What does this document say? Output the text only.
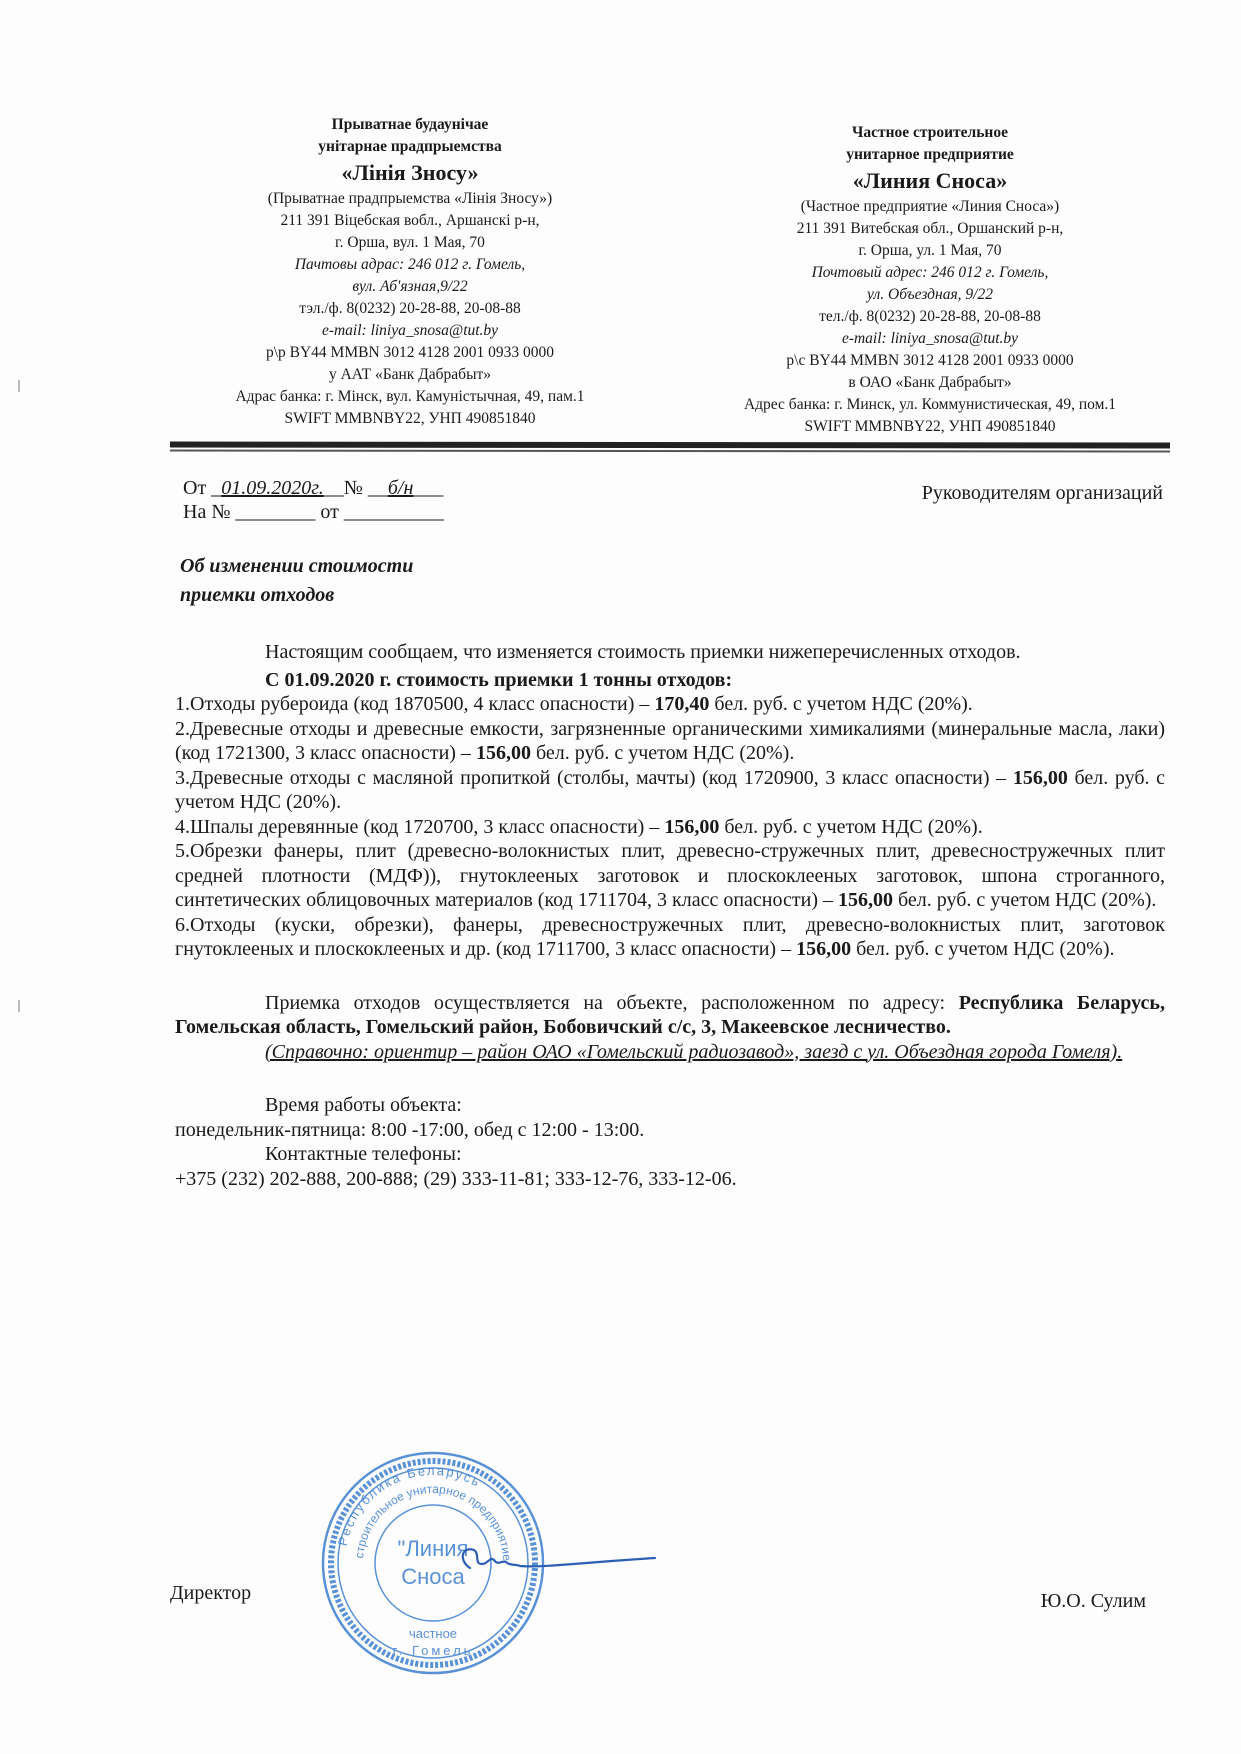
Прыватнае будаунічае
унітарнае прадпрыемства
«Лінія Зносу»
(Прыватнае прадпрыемства «Лінія Зносу»)
211 391 Віцебская вобл., Аршанскі р-н,
г. Орша, вул. 1 Мая, 70
Пачтовы адрас: 246 012 г. Гомель,
вул. Аб'язная,9/22
тэл./ф. 8(0232) 20-28-88, 20-08-88
e-mail: liniya_snosa@tut.by
р\р BY44 MMBN 3012 4128 2001 0933 0000
у ААТ «Банк Дабрабыт»
Адрас банка: г. Мінск, вул. Камуністычная, 49, пам.1
SWIFT MMBNBY22, УНП 490851840
Частное строительное
унитарное предприятие
«Линия Сноса»
(Частное предприятие «Линия Сноса»)
211 391 Витебская обл., Оршанский р-н,
г. Орша, ул. 1 Мая, 70
Почтовый адрес: 246 012 г. Гомель,
ул. Объездная, 9/22
тел./ф. 8(0232) 20-28-88, 20-08-88
e-mail: liniya_snosa@tut.by
р\с BY44 MMBN 3012 4128 2001 0933 0000
в ОАО «Банк Дабрабыт»
Адрес банка: г. Минск, ул. Коммунистическая, 49, пом.1
SWIFT MMBNBY22, УНП 490851840
От _01.09.2020г.__№ __б/н___
На № ________ от __________
Руководителям организаций
Об изменении стоимости
приемки отходов

Настоящим сообщаем, что изменяется стоимость приемки нижеперечисленных отходов.

С 01.09.2020 г. стоимость приемки 1 тонны отходов:

1.Отходы рубероида (код 1870500, 4 класс опасности) – 170,40 бел. руб. с учетом НДС (20%).

2.Древесные отходы и древесные емкости, загрязненные органическими химикалиями (минеральные масла, лаки) (код 1721300, 3 класс опасности) – 156,00 бел. руб. с учетом НДС (20%).

3.Древесные отходы с масляной пропиткой (столбы, мачты) (код 1720900, 3 класс опасности) – 156,00 бел. руб. с учетом НДС (20%).

4.Шпалы деревянные (код 1720700, 3 класс опасности) – 156,00 бел. руб. с учетом НДС (20%).

5.Обрезки фанеры, плит (древесно-волокнистых плит, древесно-стружечных плит, древесностружечных плит средней плотности (МДФ)), гнутоклееных заготовок и плоскоклееных заготовок, шпона строганного, синтетических облицовочных материалов (код 1711704, 3 класс опасности) – 156,00 бел. руб. с учетом НДС (20%).

6.Отходы (куски, обрезки), фанеры, древесностружечных плит, древесно-волокнистых плит, заготовок гнутоклееных и плоскоклееных и др. (код 1711700, 3 класс опасности) – 156,00 бел. руб. с учетом НДС (20%).

Приемка отходов осуществляется на объекте, расположенном по адресу: Республика Беларусь, Гомельская область, Гомельский район, Бобовичский с/с, 3, Макеевское лесничество.

(Справочно: ориентир – район ОАО «Гомельский радиозавод», заезд с ул. Объездная города Гомеля).

Время работы объекта:

понедельник-пятница: 8:00 -17:00, обед с 12:00 - 13:00.

Контактные телефоны:

+375 (232) 202-888, 200-888; (29) 333-11-81; 333-12-76, 333-12-06.

Республика Беларусь
строительное унитарное предприятие
частное
г. Гомель
"Линия
Сноса
Директор	Ю.О. Сулим
